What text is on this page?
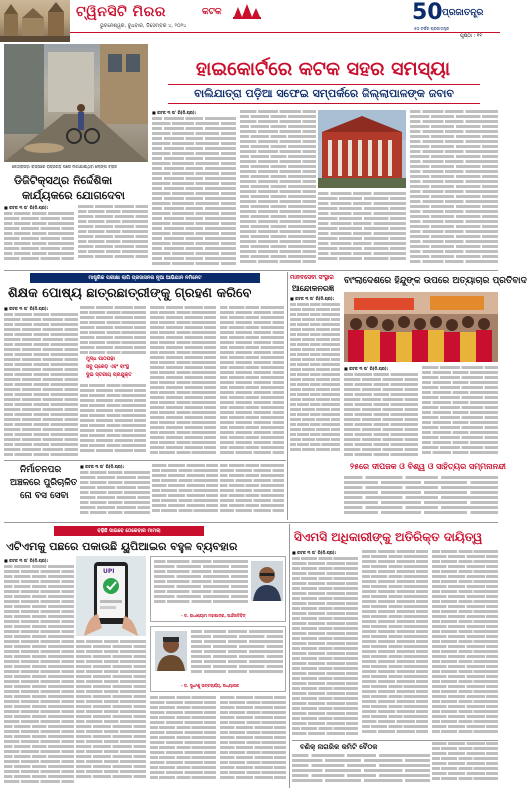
ଟ୍ୱିନସିଟି ମିରର	କଟକ
ଭୁବନେଶ୍ୱର, ବୁଧବାର, ଡିସେମ୍ବର ୪, ୨୦୨୪
50 ପ୍ରଜାତନ୍ତ୍ର
୫୦ ବର୍ଷର ପ୍ରଜାତନ୍ତ୍ର
ପୃଷ୍ଠା : ୧୧
ହାଇକୋର୍ଟରେ କଟକ ସହର ସମସ୍ୟା
ବାଲିଯାତ୍ରା ପଡ଼ିଆ ସଫେଇ ସମ୍ପର୍କରେ ଜିଲ୍ଲାପାଳଙ୍କ ଜବାବ
କେନ୍ଦ୍ରାପଡ଼ା ରାସ୍ତାରେ ରାସ୍ତାଗଡ଼ ପରେ ଲଗାଯାଇଥିବା ଲୋଙ୍ଗ ଟ୍ରାକ
ଡିଜିଟିକ୍ସଥ୍ର ନିର୍ଦ୍ଦେଶିକା
କାର୍ଯ୍ୟକରେ ଯୋଗଦେବା
■ କଟକ ୩ ତା' ରି(ନି.ପ୍ର):
■ କଟକ ୩ ତା' ରି(ନି.ପ୍ର):
ମାଷ୍ଟ୍ରିକ ପରୀକ୍ଷା ଲାଗି ପ୍ରସାସନର ନୂଆ ଆଭିଯାନ ନମିନେଟ
ଶିକ୍ଷକ ପୋଷ୍ୟ ଛାତ୍ରଛାତ୍ରୀଙ୍କୁ ଗ୍ରହଣ କରିବେ
■ କଟକ ୩ ତା' ରି(ନି.ପ୍ର):
ମୁଦ୍ଧ ପାଠପଢ଼ା
ସବୁ ଗ୍ରେଡ଼ ଏବଂ ବାଂସ୍ଥ
ଦୁଇ ସ୍ତରୀୟ ପ୍ରଯୁକ୍ତ
ମାନବସେବା ସଂସ୍ଥାର
ଆନ୍ଦୋଳନରଜ୍ଞ
■ କଟକ ୩ ତା' ରି(ନି.ପ୍ର):
ବାଂଲାଦେଶରେ ହିନ୍ଦୁଙ୍କ ଉପରେ ଅତ୍ୟାଚାର ପ୍ରତିବାଦ
■ କଟକ ୩ ତା' ରି(ନି.ପ୍ର):
୨୫ରେ ଦୀପଜକ ଓ ବିଶ୍ୱ ଓ ସାହିତ୍ୟର ସମ୍ମନାନନ୍ଦୀ
ନିର୍ମାଚନପର
ଅଞ୍ଚଳରେ ପୁରିଚାଳିତ
ନୋ ବସ ସେବା
■ କଟକ ୩ ତା' ରି(ନି.ପ୍ର):
ବଢ଼ିଛି ସାଇବେ ଠେକେବାର ମାମଲା
ଏଟିଏମକୁ ପଛରେ ପକାଉଛି ୟୁପିଆଇର ବହୁଳ ବ୍ୟବହାର
■ କଟକ ୩ ତା' ରି(ନି.ପ୍ର):
UPI
- ଡ. ରାଧାଶ୍ୟାମ ମହାପାତ୍ର, ଅର୍ଥନୀତିବିତ୍
- ଡ. ସୁଧାଂଶୁ ଭଟ୍ଟଚାର୍ଯ୍ୟ, ଅଧ୍ୟାପକ
ସିଏମସି ଅଧିକାରୀଙ୍କୁ ଅତିରିକ୍ତ ଦାୟିତ୍ୱ
■ କଟକ ୩ ତା' ରି(ନି.ପ୍ର):
ବଣିକ୍ ନାଗରିକ କମିଟି ବୈଠକ
